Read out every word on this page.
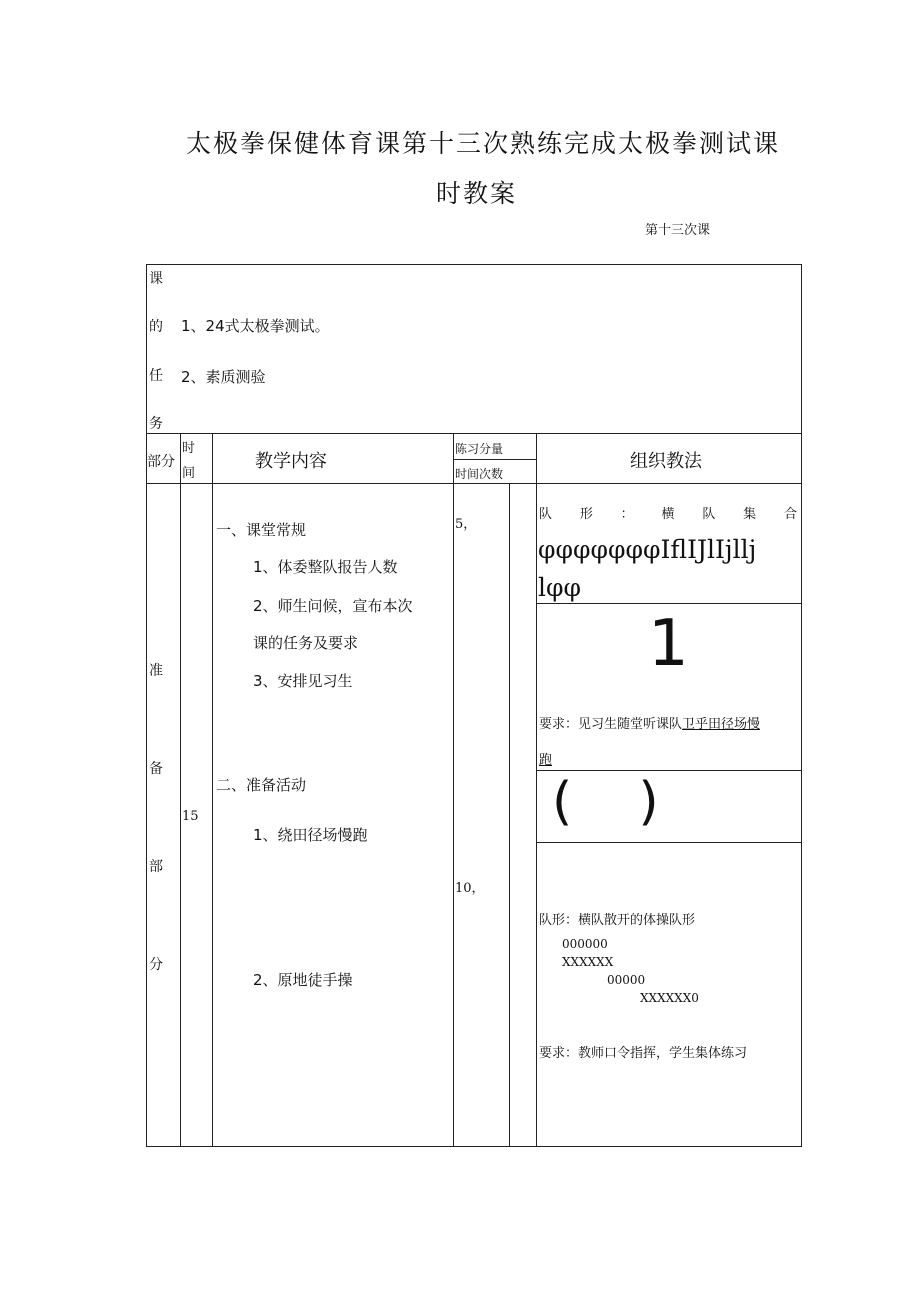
太极拳保健体育课第十三次熟练完成太极拳测试课
时教案
第十三次课
课
的
任
务
1、24式太极拳测试。
2、素质测验
部分
时
间
教学内容
陈习分量
时间次数
组织教法
准
备
部
分
15
一、课堂常规
1、体委整队报告人数
2、师生问候，宣布本次
课的任务及要求
3、安排见习生
二、准备活动
1、绕田径场慢跑
2、原地徒手操
5，
10，
队 形 ： 横 队 集 合
φφφφφφφIflIJlIjllj
lφφ
1
要求：见习生随堂听课队卫乎田径场慢
跑
(    )
队形：横队散开的体操队形
000000
XXXXXX
00000
XXXXXX0
要求：教师口令指挥，学生集体练习
